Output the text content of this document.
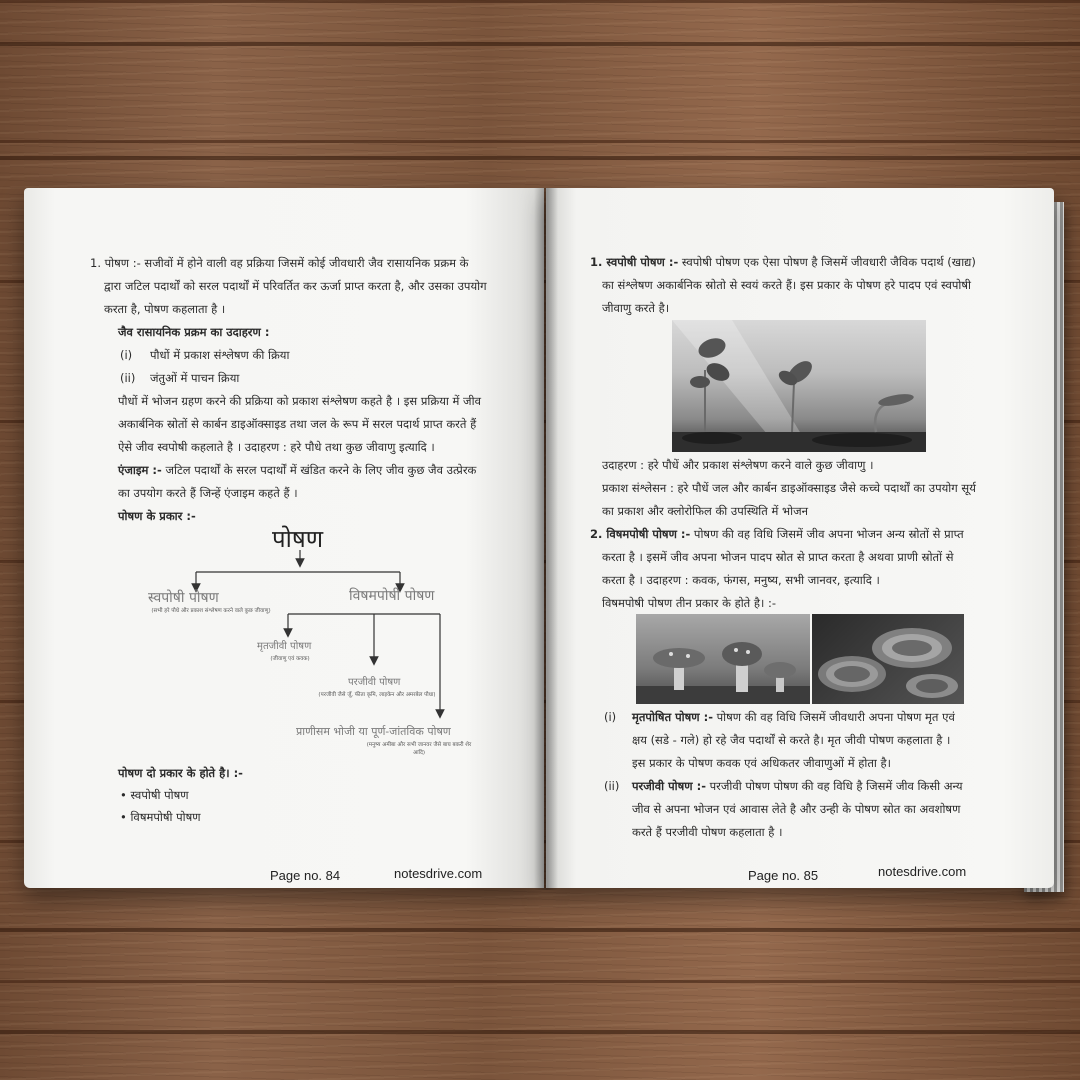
1. पोषण :- सजीवों में होने वाली वह प्रक्रिया जिसमें कोई जीवधारी जैव रासायनिक प्रक्रम के
द्वारा जटिल पदार्थों को सरल पदार्थों में परिवर्तित कर ऊर्जा प्राप्त करता है, और उसका उपयोग
करता है, पोषण कहलाता है ।
जैव रासायनिक प्रक्रम का उदाहरण :
(i) पौधों में प्रकाश संश्लेषण की क्रिया
(ii) जंतुओं में पाचन क्रिया
पौधों में भोजन ग्रहण करने की प्रक्रिया को प्रकाश संश्लेषण कहते है । इस प्रक्रिया में जीव
अकार्बनिक स्रोतों से कार्बन डाइऑक्साइड तथा जल के रूप में सरल पदार्थ प्राप्त करते हैं
ऐसे जीव स्वपोषी कहलाते है । उदाहरण : हरे पौधे तथा कुछ जीवाणु इत्यादि ।
एंजाइम :- जटिल पदार्थों के सरल पदार्थों में खंडित करने के लिए जीव कुछ जैव उत्प्रेरक
का उपयोग करते हैं जिन्हें एंजाइम कहते हैं ।
पोषण के प्रकार :-
पोषण
स्वपोषी पोषण
(सभी हरे पौधे और प्रकाश संश्लेषण करने वाले कुछ जीवाणु)
विषमपोषी पोषण
मृतजीवी पोषण
(जीवाणु एवं कवक)
परजीवी पोषण
(परजीवी जैसे जूँ, फीता कृमि, लाइकेन और अमरबेल पौधा)
प्राणीसम भोजी या पूर्ण-जांतविक पोषण
(मनुष्य अमीबा और सभी जानवर जैसे बाघ बकरी शेर आदि)
पोषण दो प्रकार के होते है। :-
• स्वपोषी पोषण
• विषमपोषी पोषण
Page no. 84	notesdrive.com
1. स्वपोषी पोषण :- स्वपोषी पोषण एक ऐसा पोषण है जिसमें जीवधारी जैविक पदार्थ (खाद्य)
का संश्लेषण अकार्बनिक स्रोतो से स्वयं करते हैं। इस प्रकार के पोषण हरे पादप एवं स्वपोषी
जीवाणु करते है।
उदाहरण : हरे पौधें और प्रकाश संश्लेषण करने वाले कुछ जीवाणु ।
प्रकाश संश्लेसन : हरे पौधें जल और कार्बन डाइऑक्साइड जैसे कच्चे पदार्थों का उपयोग सूर्य
का प्रकाश और क्लोरोफिल की उपस्थिति में भोजन
2. विषमपोषी पोषण :- पोषण की वह विधि जिसमें जीव अपना भोजन अन्य स्रोतों से प्राप्त
करता है । इसमें जीव अपना भोजन पादप स्रोत से प्राप्त करता है अथवा प्राणी स्रोतों से
करता है । उदाहरण : कवक, फंगस, मनुष्य, सभी जानवर, इत्यादि ।
विषमपोषी पोषण तीन प्रकार के होते है। :-
(i) मृतपोषित पोषण :- पोषण की वह विधि जिसमें जीवधारी अपना पोषण मृत एवं
क्षय (सडे - गले) हो रहे जैव पदार्थों से करते है। मृत जीवी पोषण कहलाता है ।
इस प्रकार के पोषण कवक एवं अधिकतर जीवाणुओं में होता है।
(ii) परजीवी पोषण :- परजीवी पोषण पोषण की वह विधि है जिसमें जीव किसी अन्य
जीव से अपना भोजन एवं आवास लेते है और उन्ही के पोषण स्रोत का अवशोषण
करते हैं परजीवी पोषण कहलाता है ।
Page no. 85	notesdrive.com
